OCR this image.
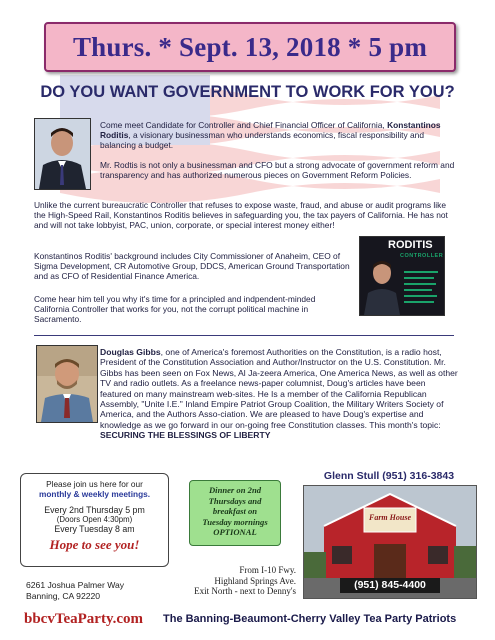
Thurs. * Sept. 13, 2018 * 5 pm
DO YOU WANT GOVERNMENT TO WORK FOR YOU?

Come meet Candidate for Controller and Chief Financial Officer of California, Konstantinos Roditis, a visionary businessman who understands economics, fiscal responsibility and balancing a budget.

Mr. Rodtis is not only a businessman and CFO but a strong advocate of government reform and transparency and has authorized numerous pieces on Government Reform Policies.

Unlike the current bureaucratic Controller that refuses to expose waste, fraud, and abuse or audit programs like the High-Speed Rail, Konstantinos Roditis believes in safeguarding you, the tax payers of California. He has not and will not take lobbyist, PAC, union, corporate, or special interest money either!

Konstantinos Roditis' background includes City Commissioner of Anaheim, CEO of Sigma Development, CR Automotive Group, DDCS, American Ground Transportation and as CFO of Residential Finance America.

Come hear him tell you why it's time for a principled and indpendent-minded California Controller that works for you, not the corrupt political machine in Sacramento.

RODITIS
CONTROLLER

Douglas Gibbs, one of America's foremost Authorities on the Constitution, is a radio host, President of the Constitution Association and Author/Instructor on the U.S. Constitution. Mr. Gibbs has been seen on Fox News, Al Ja-zeera America, One America News, as well as other TV and radio outlets. As a freelance news-paper columnist, Doug's articles have been featured on many mainstream web-sites. He Is a member of the California Republican Assembly, "Unite I.E." Inland Empire Patriot Group Coalition, the Military Writers Society of America, and the Authors Asso-ciation. We are pleased to have Doug's expertise and knowledge as we go forward in our on-going free Constitution classes. This month's topic: SECURING THE BLESSINGS OF LIBERTY

Please join us here for our
monthly & weekly meetings.
Every 2nd Thursday 5 pm
(Doors Open 4:30pm)
Every Tuesday 8 am
Hope to see you!
Dinner on 2nd
Thursdays and
breakfast on
Tuesday mornings
OPTIONAL
Glenn Stull (951) 316-3843
Farm House
(951) 845-4400
6261 Joshua Palmer Way
Banning, CA 92220
From I-10 Fwy.
Highland Springs Ave.
Exit North - next to Denny's
bbcvTeaParty.com The Banning-Beaumont-Cherry Valley Tea Party Patriots
